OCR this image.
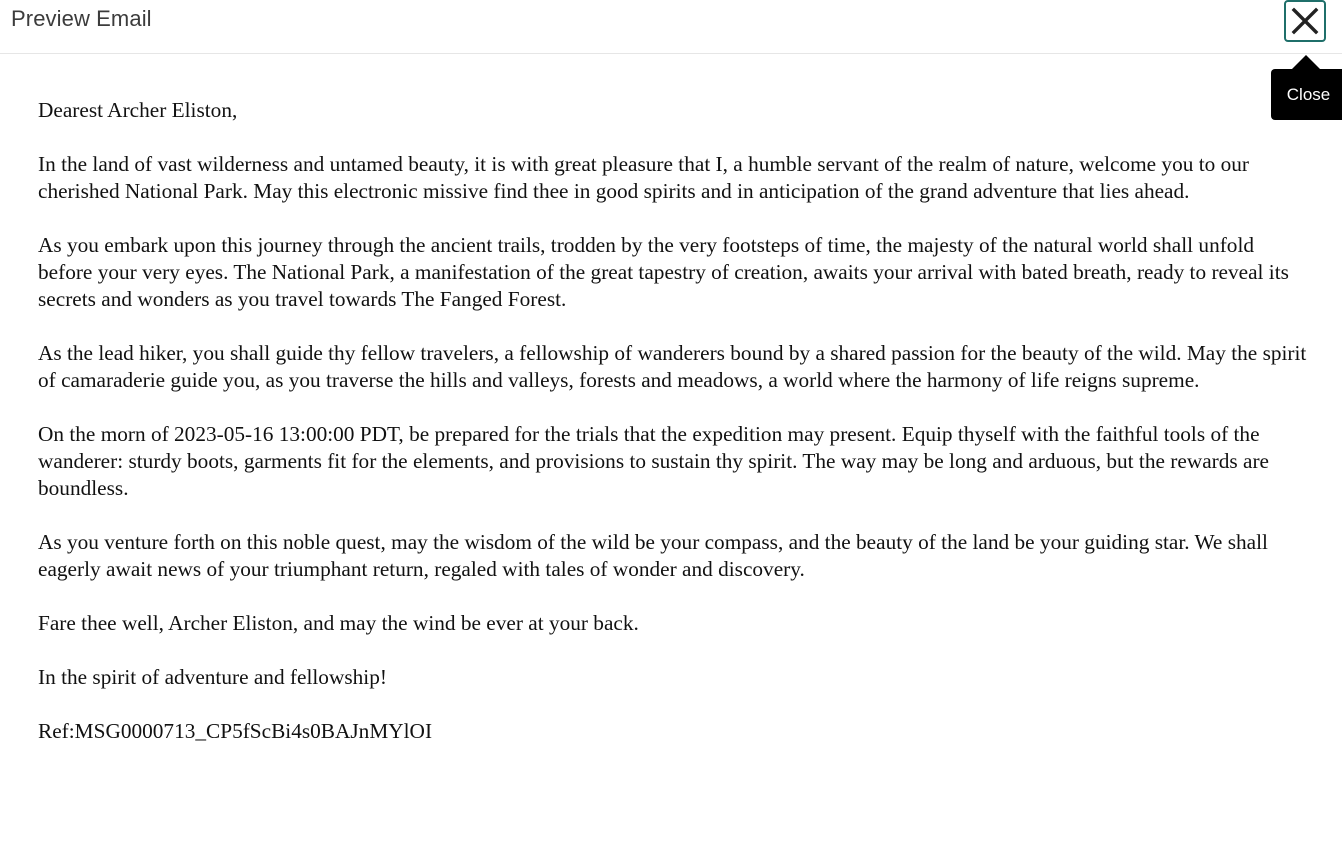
Preview Email
Close

Dearest Archer Eliston,

In the land of vast wilderness and untamed beauty, it is with great pleasure that I, a humble servant of the realm of nature, welcome you to our cherished National Park. May this electronic missive find thee in good spirits and in anticipation of the grand adventure that lies ahead.

As you embark upon this journey through the ancient trails, trodden by the very footsteps of time, the majesty of the natural world shall unfold before your very eyes. The National Park, a manifestation of the great tapestry of creation, awaits your arrival with bated breath, ready to reveal its secrets and wonders as you travel towards The Fanged Forest.

As the lead hiker, you shall guide thy fellow travelers, a fellowship of wanderers bound by a shared passion for the beauty of the wild. May the spirit of camaraderie guide you, as you traverse the hills and valleys, forests and meadows, a world where the harmony of life reigns supreme.

On the morn of 2023-05-16 13:00:00 PDT, be prepared for the trials that the expedition may present. Equip thyself with the faithful tools of the wanderer: sturdy boots, garments fit for the elements, and provisions to sustain thy spirit. The way may be long and arduous, but the rewards are boundless.

As you venture forth on this noble quest, may the wisdom of the wild be your compass, and the beauty of the land be your guiding star. We shall eagerly await news of your triumphant return, regaled with tales of wonder and discovery.

Fare thee well, Archer Eliston, and may the wind be ever at your back.

In the spirit of adventure and fellowship!

Ref:MSG0000713_CP5fScBi4s0BAJnMYlOI
